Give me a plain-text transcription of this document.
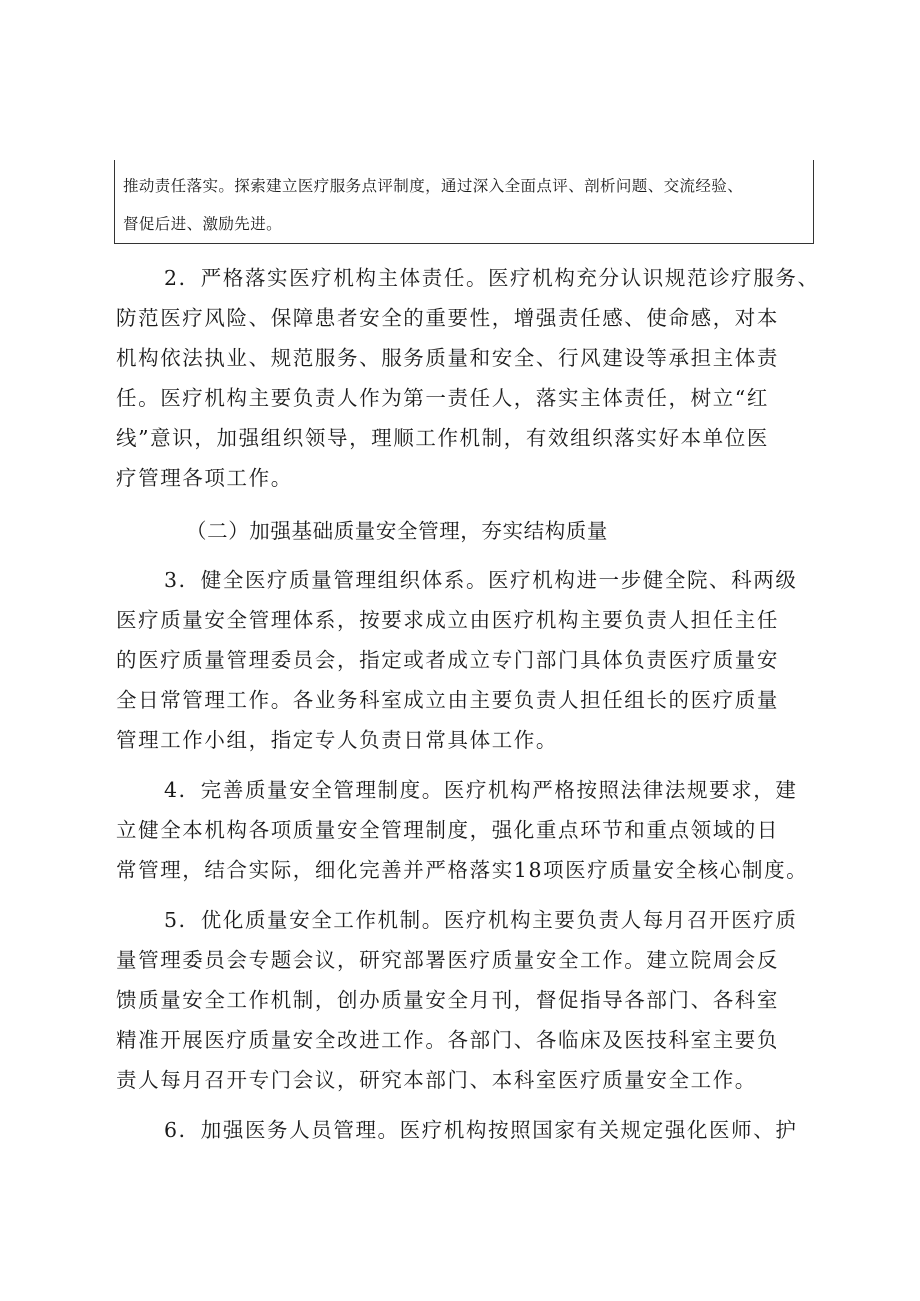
推动责任落实。探索建立医疗服务点评制度，通过深入全面点评、剖析问题、交流经验、
督促后进、激励先进。
2．严格落实医疗机构主体责任。医疗机构充分认识规范诊疗服务、
防范医疗风险、保障患者安全的重要性，增强责任感、使命感，对本
机构依法执业、规范服务、服务质量和安全、行风建设等承担主体责
任。医疗机构主要负责人作为第一责任人，落实主体责任，树立“红
线”意识，加强组织领导，理顺工作机制，有效组织落实好本单位医
疗管理各项工作。
（二）加强基础质量安全管理，夯实结构质量
3．健全医疗质量管理组织体系。医疗机构进一步健全院、科两级
医疗质量安全管理体系，按要求成立由医疗机构主要负责人担任主任
的医疗质量管理委员会，指定或者成立专门部门具体负责医疗质量安
全日常管理工作。各业务科室成立由主要负责人担任组长的医疗质量
管理工作小组，指定专人负责日常具体工作。
4．完善质量安全管理制度。医疗机构严格按照法律法规要求，建
立健全本机构各项质量安全管理制度，强化重点环节和重点领域的日
常管理，结合实际，细化完善并严格落实18项医疗质量安全核心制度。
5．优化质量安全工作机制。医疗机构主要负责人每月召开医疗质
量管理委员会专题会议，研究部署医疗质量安全工作。建立院周会反
馈质量安全工作机制，创办质量安全月刊，督促指导各部门、各科室
精准开展医疗质量安全改进工作。各部门、各临床及医技科室主要负
责人每月召开专门会议，研究本部门、本科室医疗质量安全工作。
6．加强医务人员管理。医疗机构按照国家有关规定强化医师、护
